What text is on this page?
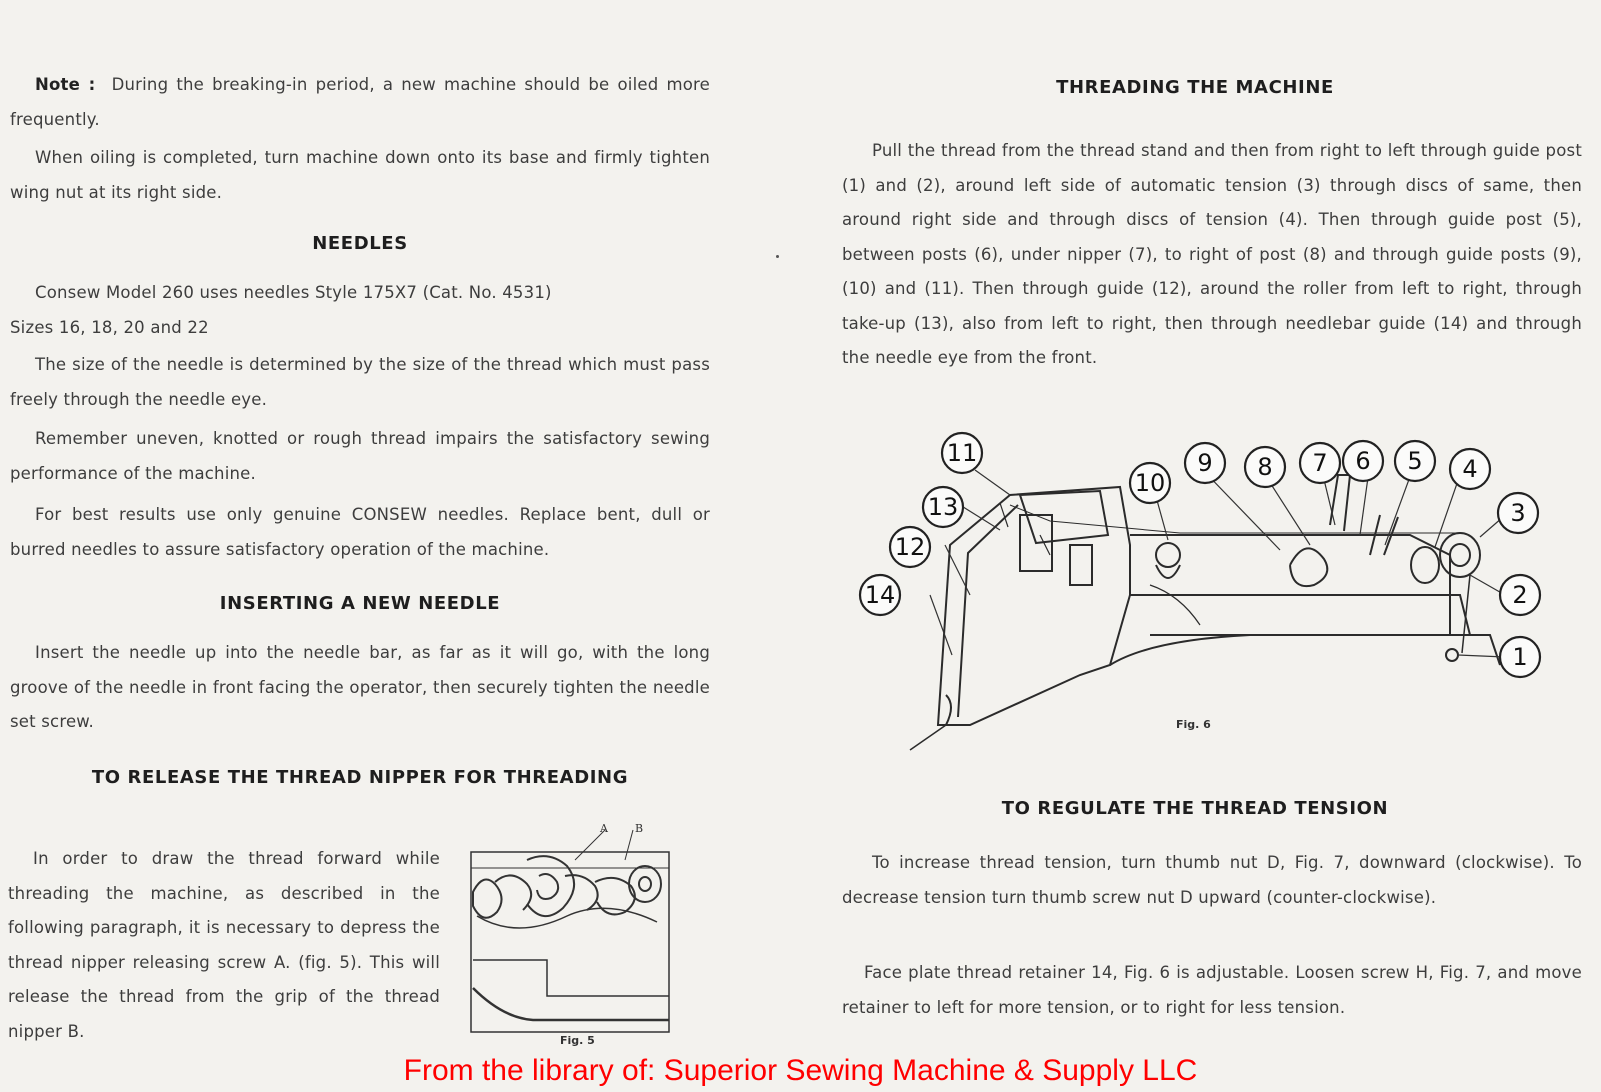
Note : During the breaking-in period, a new machine should be oiled more frequently.

When oiling is completed, turn machine down onto its base and firmly tighten wing nut at its right side.

NEEDLES

Consew Model 260 uses needles Style 175X7 (Cat. No. 4531)

Sizes 16, 18, 20 and 22

The size of the needle is determined by the size of the thread which must pass freely through the needle eye.

Remember uneven, knotted or rough thread impairs the satisfactory sewing performance of the machine.

For best results use only genuine CONSEW needles. Replace bent, dull or burred needles to assure satisfactory operation of the machine.

INSERTING A NEW NEEDLE

Insert the needle up into the needle bar, as far as it will go, with the long groove of the needle in front facing the operator, then securely tighten the needle set screw.

TO RELEASE THE THREAD NIPPER FOR THREADING

In order to draw the thread forward while threading the machine, as described in the following paragraph, it is necessary to depress the thread nipper releasing screw A. (fig. 5). This will release the thread from the grip of the thread nipper B.

A B
Fig. 5
THREADING THE MACHINE

Pull the thread from the thread stand and then from right to left through guide post (1) and (2), around left side of automatic tension (3) through discs of same, then around right side and through discs of tension (4). Then through guide post (5), between posts (6), under nipper (7), to right of post (8) and through guide posts (9), (10) and (11). Then through guide (12), around the roller from left to right, through take-up (13), also from left to right, then through needlebar guide (14) and through the needle eye from the front.

11
10
13
12
14
9 8 7 6 5 4
3
2
1
Fig. 6
TO REGULATE THE THREAD TENSION

To increase thread tension, turn thumb nut D, Fig. 7, downward (clockwise). To decrease tension turn thumb screw nut D upward (counter-clockwise).

Face plate thread retainer 14, Fig. 6 is adjustable. Loosen screw H, Fig. 7, and move retainer to left for more tension, or to right for less tension.

From the library of: Superior Sewing Machine & Supply LLC
